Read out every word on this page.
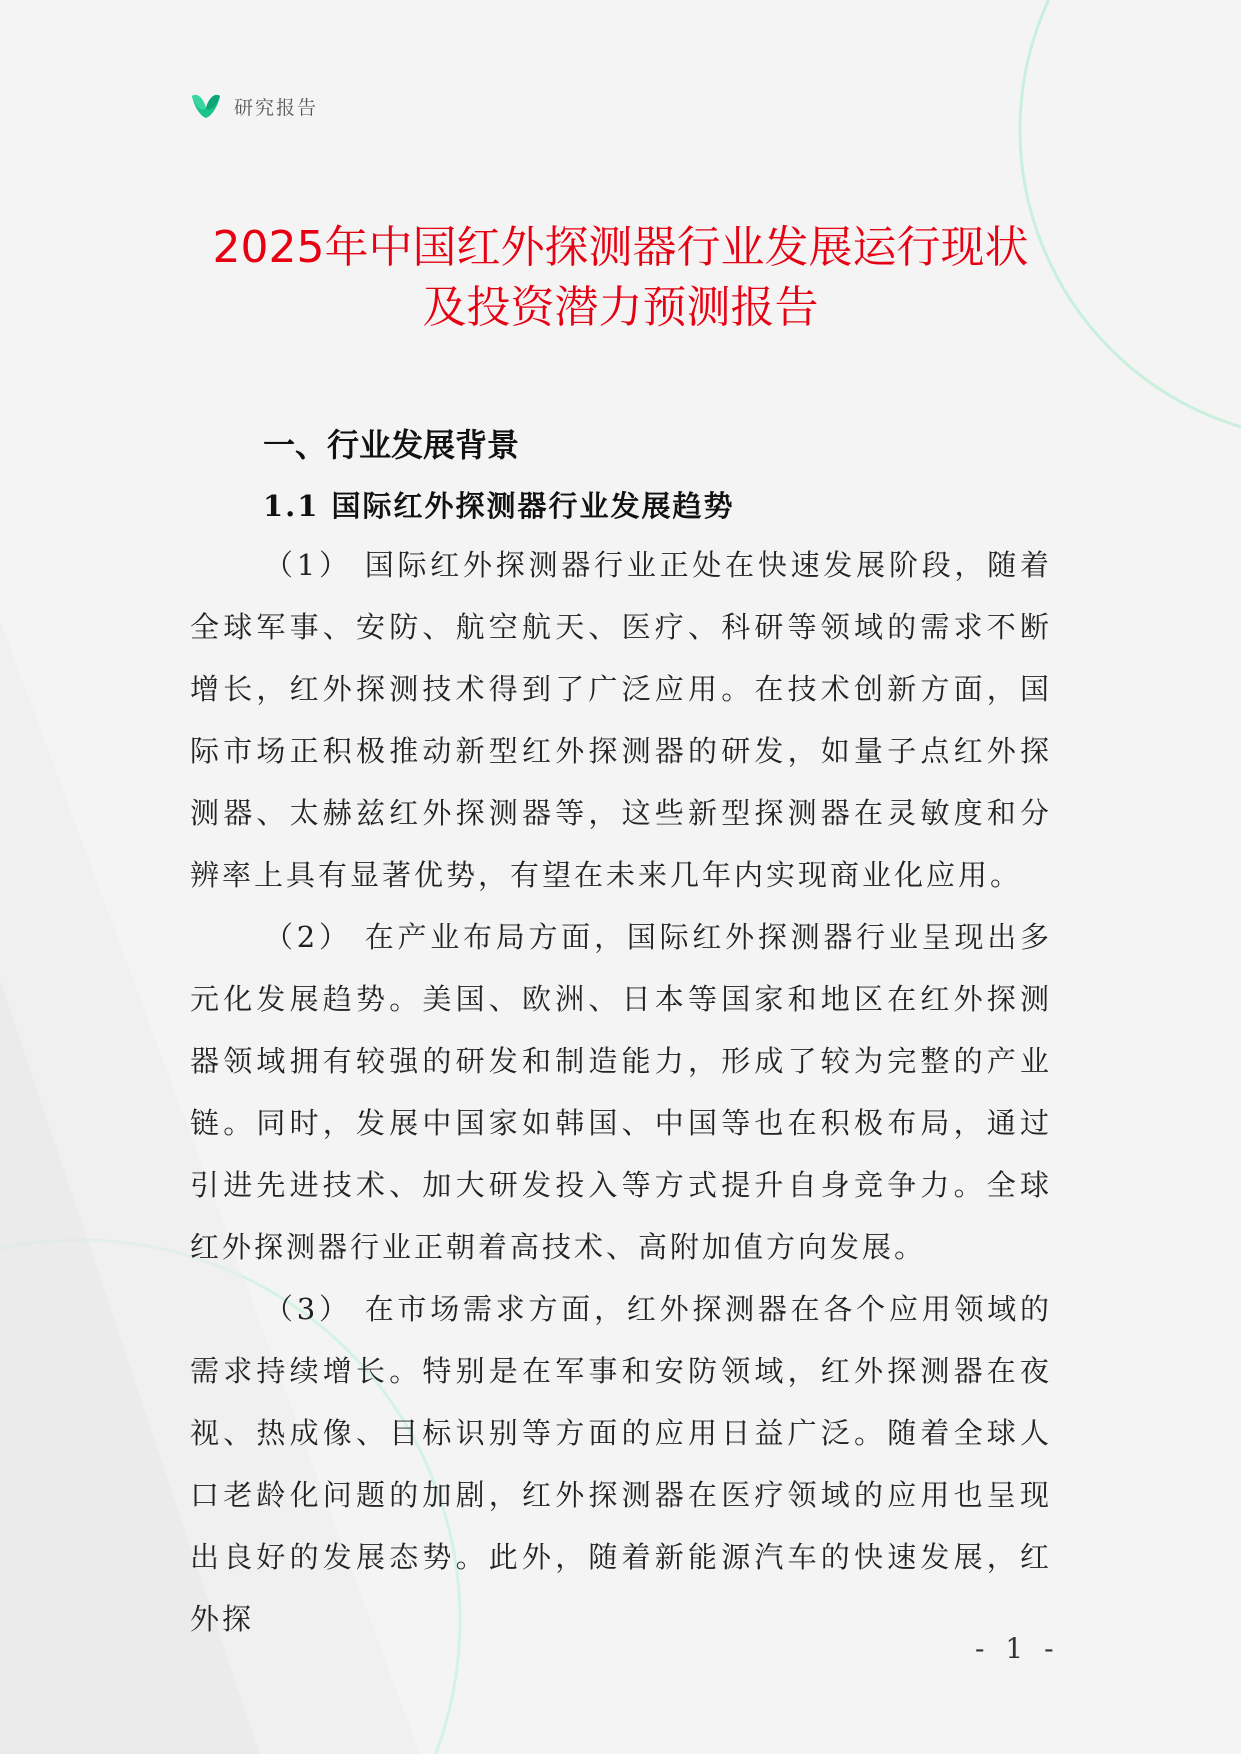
研究报告
2025年中国红外探测器行业发展运行现状
及投资潜力预测报告
一、行业发展背景
1.1 国际红外探测器行业发展趋势

（1） 国际红外探测器行业正处在快速发展阶段，随着全球军事、安防、航空航天、医疗、科研等领域的需求不断增长，红外探测技术得到了广泛应用。在技术创新方面，国际市场正积极推动新型红外探测器的研发，如量子点红外探测器、太赫兹红外探测器等，这些新型探测器在灵敏度和分辨率上具有显著优势，有望在未来几年内实现商业化应用。

（2） 在产业布局方面，国际红外探测器行业呈现出多元化发展趋势。美国、欧洲、日本等国家和地区在红外探测器领域拥有较强的研发和制造能力，形成了较为完整的产业链。同时，发展中国家如韩国、中国等也在积极布局，通过引进先进技术、加大研发投入等方式提升自身竞争力。全球红外探测器行业正朝着高技术、高附加值方向发展。

（3） 在市场需求方面，红外探测器在各个应用领域的需求持续增长。特别是在军事和安防领域，红外探测器在夜视、热成像、目标识别等方面的应用日益广泛。随着全球人口老龄化问题的加剧，红外探测器在医疗领域的应用也呈现出良好的发展态势。此外，随着新能源汽车的快速发展，红外探

- 1 -
